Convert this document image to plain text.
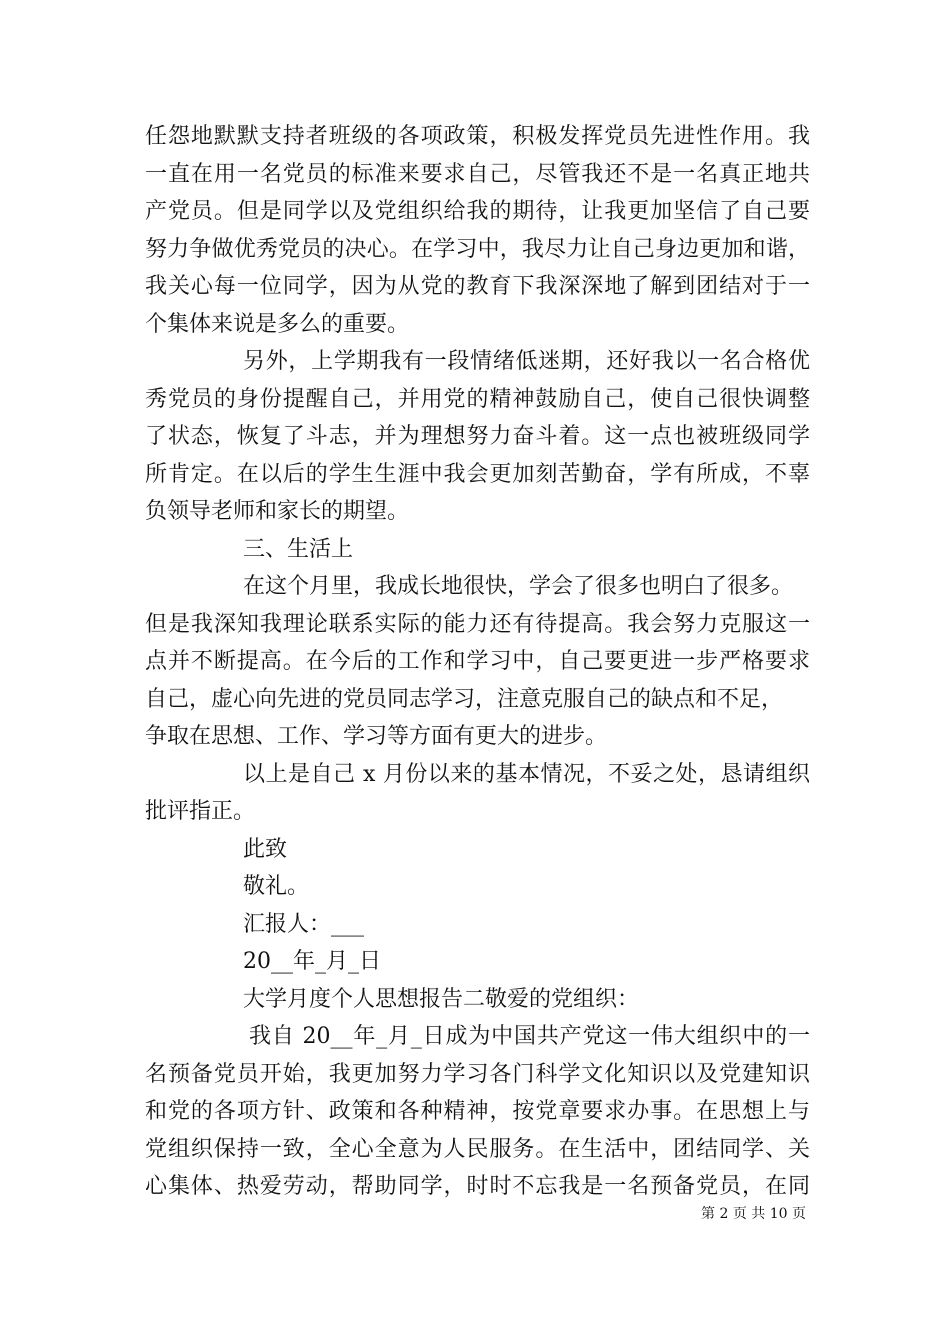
任怨地默默支持者班级的各项政策，积极发挥党员先进性作用。我
一直在用一名党员的标准来要求自己，尽管我还不是一名真正地共
产党员。但是同学以及党组织给我的期待，让我更加坚信了自己要
努力争做优秀党员的决心。在学习中，我尽力让自己身边更加和谐，
我关心每一位同学，因为从党的教育下我深深地了解到团结对于一
个集体来说是多么的重要。
另外，上学期我有一段情绪低迷期，还好我以一名合格优
秀党员的身份提醒自己，并用党的精神鼓励自己，使自己很快调整
了状态，恢复了斗志，并为理想努力奋斗着。这一点也被班级同学
所肯定。在以后的学生生涯中我会更加刻苦勤奋，学有所成，不辜
负领导老师和家长的期望。
三、生活上
在这个月里，我成长地很快，学会了很多也明白了很多。
但是我深知我理论联系实际的能力还有待提高。我会努力克服这一
点并不断提高。在今后的工作和学习中，自己要更进一步严格要求
自己，虚心向先进的党员同志学习，注意克服自己的缺点和不足，
争取在思想、工作、学习等方面有更大的进步。
以上是自己 x 月份以来的基本情况，不妥之处，恳请组织
批评指正。
此致
敬礼。
汇报人：___
20__年_月_日
大学月度个人思想报告二敬爱的党组织：
我自 20__年_月_日成为中国共产党这一伟大组织中的一
名预备党员开始，我更加努力学习各门科学文化知识以及党建知识
和党的各项方针、政策和各种精神，按党章要求办事。在思想上与
党组织保持一致，全心全意为人民服务。在生活中，团结同学、关
心集体、热爱劳动，帮助同学，时时不忘我是一名预备党员，在同
第 2 页 共 10 页
